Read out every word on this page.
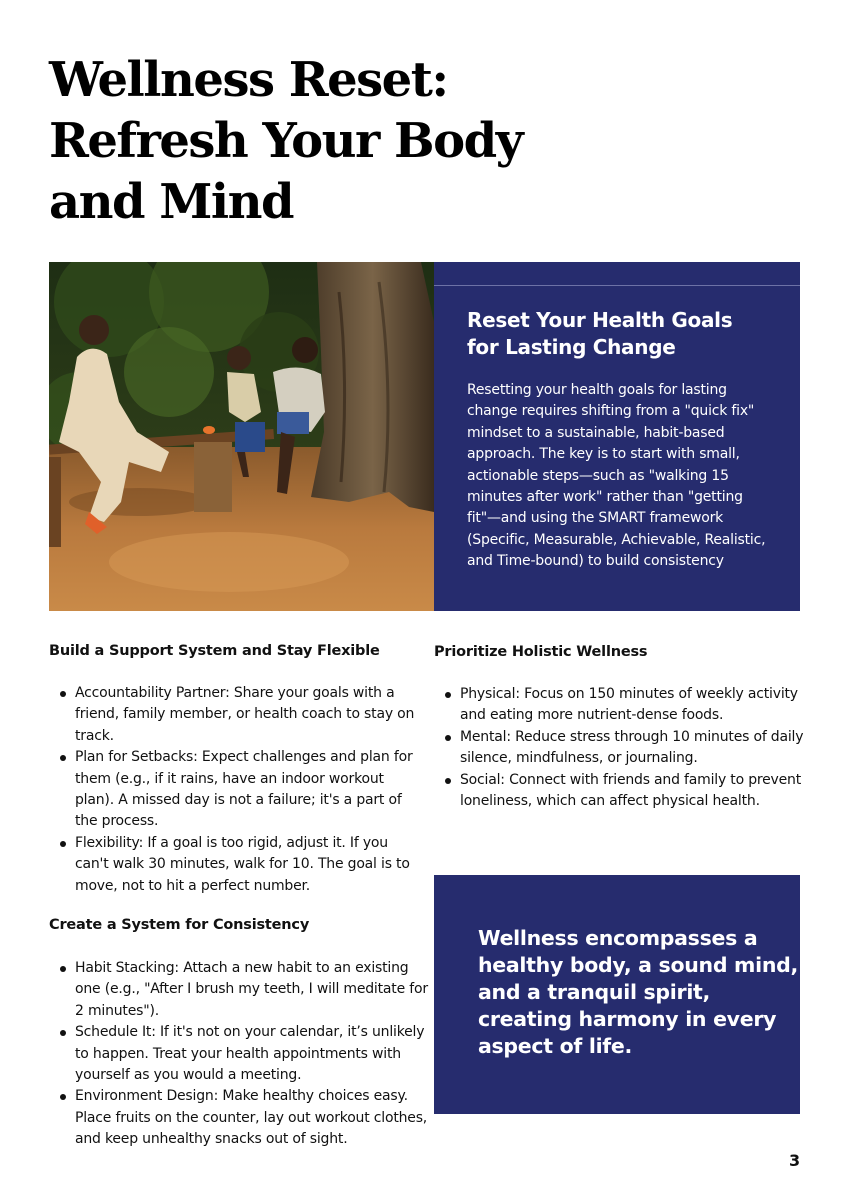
Wellness Reset:
Refresh Your Body
and Mind
Reset Your Health Goals
for Lasting Change

Resetting your health goals for lasting change requires shifting from a "quick fix" mindset to a sustainable, habit-based approach. The key is to start with small, actionable steps—such as "walking 15 minutes after work" rather than "getting fit"—and using the SMART framework (Specific, Measurable, Achievable, Realistic, and Time-bound) to build consistency

Build a Support System and Stay Flexible
Accountability Partner: Share your goals with a friend, family member, or health coach to stay on track.
Plan for Setbacks: Expect challenges and plan for them (e.g., if it rains, have an indoor workout plan). A missed day is not a failure; it's a part of the process.
Flexibility: If a goal is too rigid, adjust it. If you can't walk 30 minutes, walk for 10. The goal is to move, not to hit a perfect number.
Prioritize Holistic Wellness
Physical: Focus on 150 minutes of weekly activity and eating more nutrient-dense foods.
Mental: Reduce stress through 10 minutes of daily silence, mindfulness, or journaling.
Social: Connect with friends and family to prevent loneliness, which can affect physical health.
Create a System for Consistency
Habit Stacking: Attach a new habit to an existing one (e.g., "After I brush my teeth, I will meditate for 2 minutes").
Schedule It: If it's not on your calendar, it’s unlikely to happen. Treat your health appointments with yourself as you would a meeting.
Environment Design: Make healthy choices easy. Place fruits on the counter, lay out workout clothes, and keep unhealthy snacks out of sight.

Wellness encompasses a healthy body, a sound mind, and a tranquil spirit, creating harmony in every aspect of life.

3
